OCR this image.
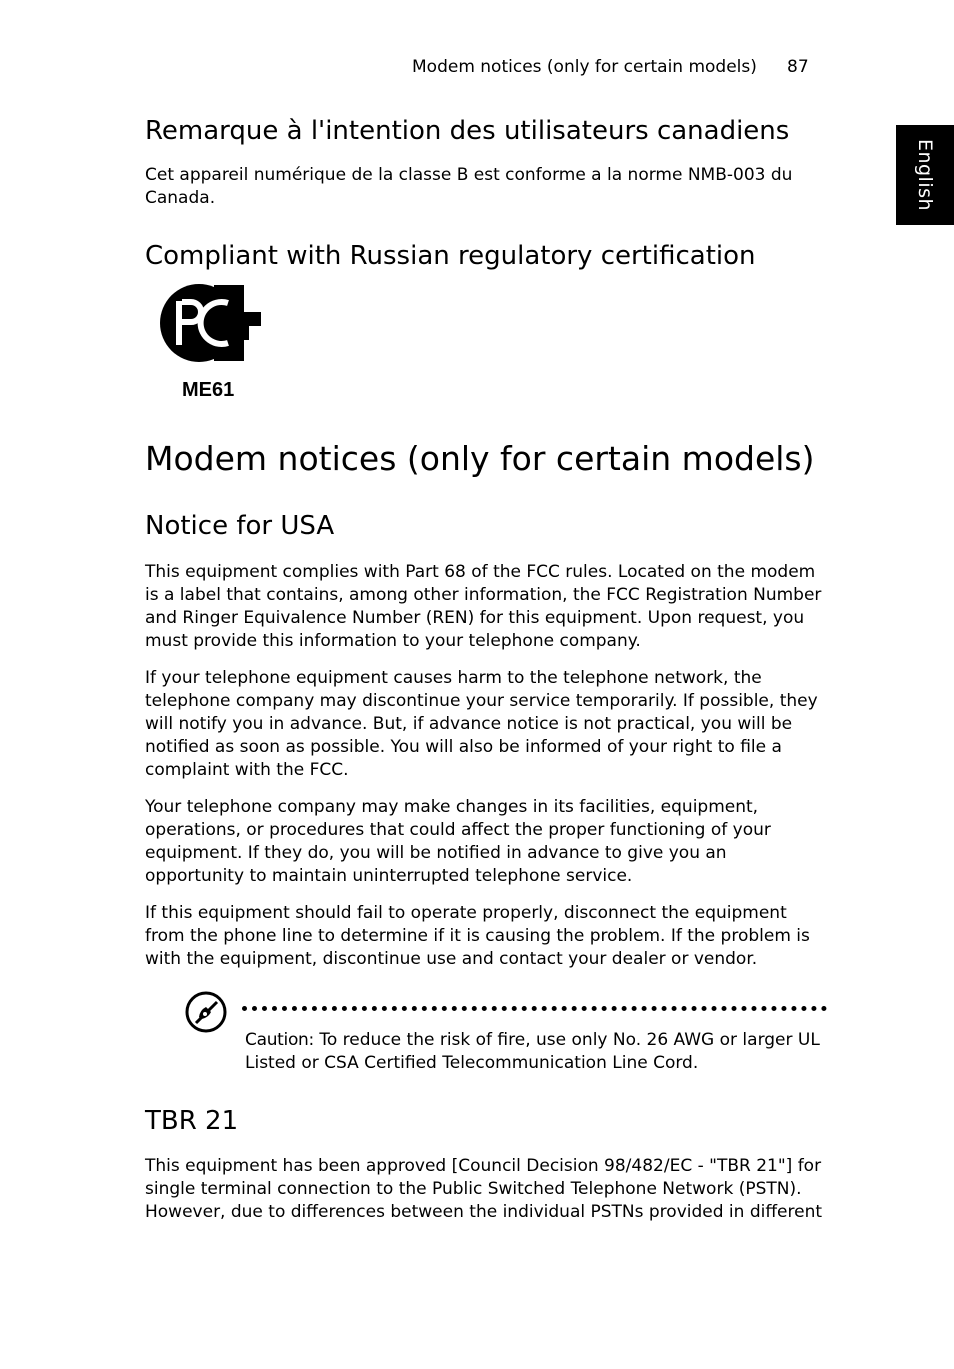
Modem notices (only for certain models) 87
English
Remarque à l'intention des utilisateurs canadiens

Cet appareil numérique de la classe B est conforme a la norme NMB-003 du Canada.

Compliant with Russian regulatory certification
ME61
Modem notices (only for certain models)
Notice for USA

This equipment complies with Part 68 of the FCC rules. Located on the modem is a label that contains, among other information, the FCC Registration Number and Ringer Equivalence Number (REN) for this equipment. Upon request, you must provide this information to your telephone company.

If your telephone equipment causes harm to the telephone network, the telephone company may discontinue your service temporarily. If possible, they will notify you in advance. But, if advance notice is not practical, you will be notified as soon as possible. You will also be informed of your right to file a complaint with the FCC.

Your telephone company may make changes in its facilities, equipment, operations, or procedures that could affect the proper functioning of your equipment. If they do, you will be notified in advance to give you an opportunity to maintain uninterrupted telephone service.

If this equipment should fail to operate properly, disconnect the equipment from the phone line to determine if it is causing the problem. If the problem is with the equipment, discontinue use and contact your dealer or vendor.

Caution: To reduce the risk of fire, use only No. 26 AWG or larger UL Listed or CSA Certified Telecommunication Line Cord.

TBR 21

This equipment has been approved [Council Decision 98/482/EC - "TBR 21"] for single terminal connection to the Public Switched Telephone Network (PSTN). However, due to differences between the individual PSTNs provided in different
